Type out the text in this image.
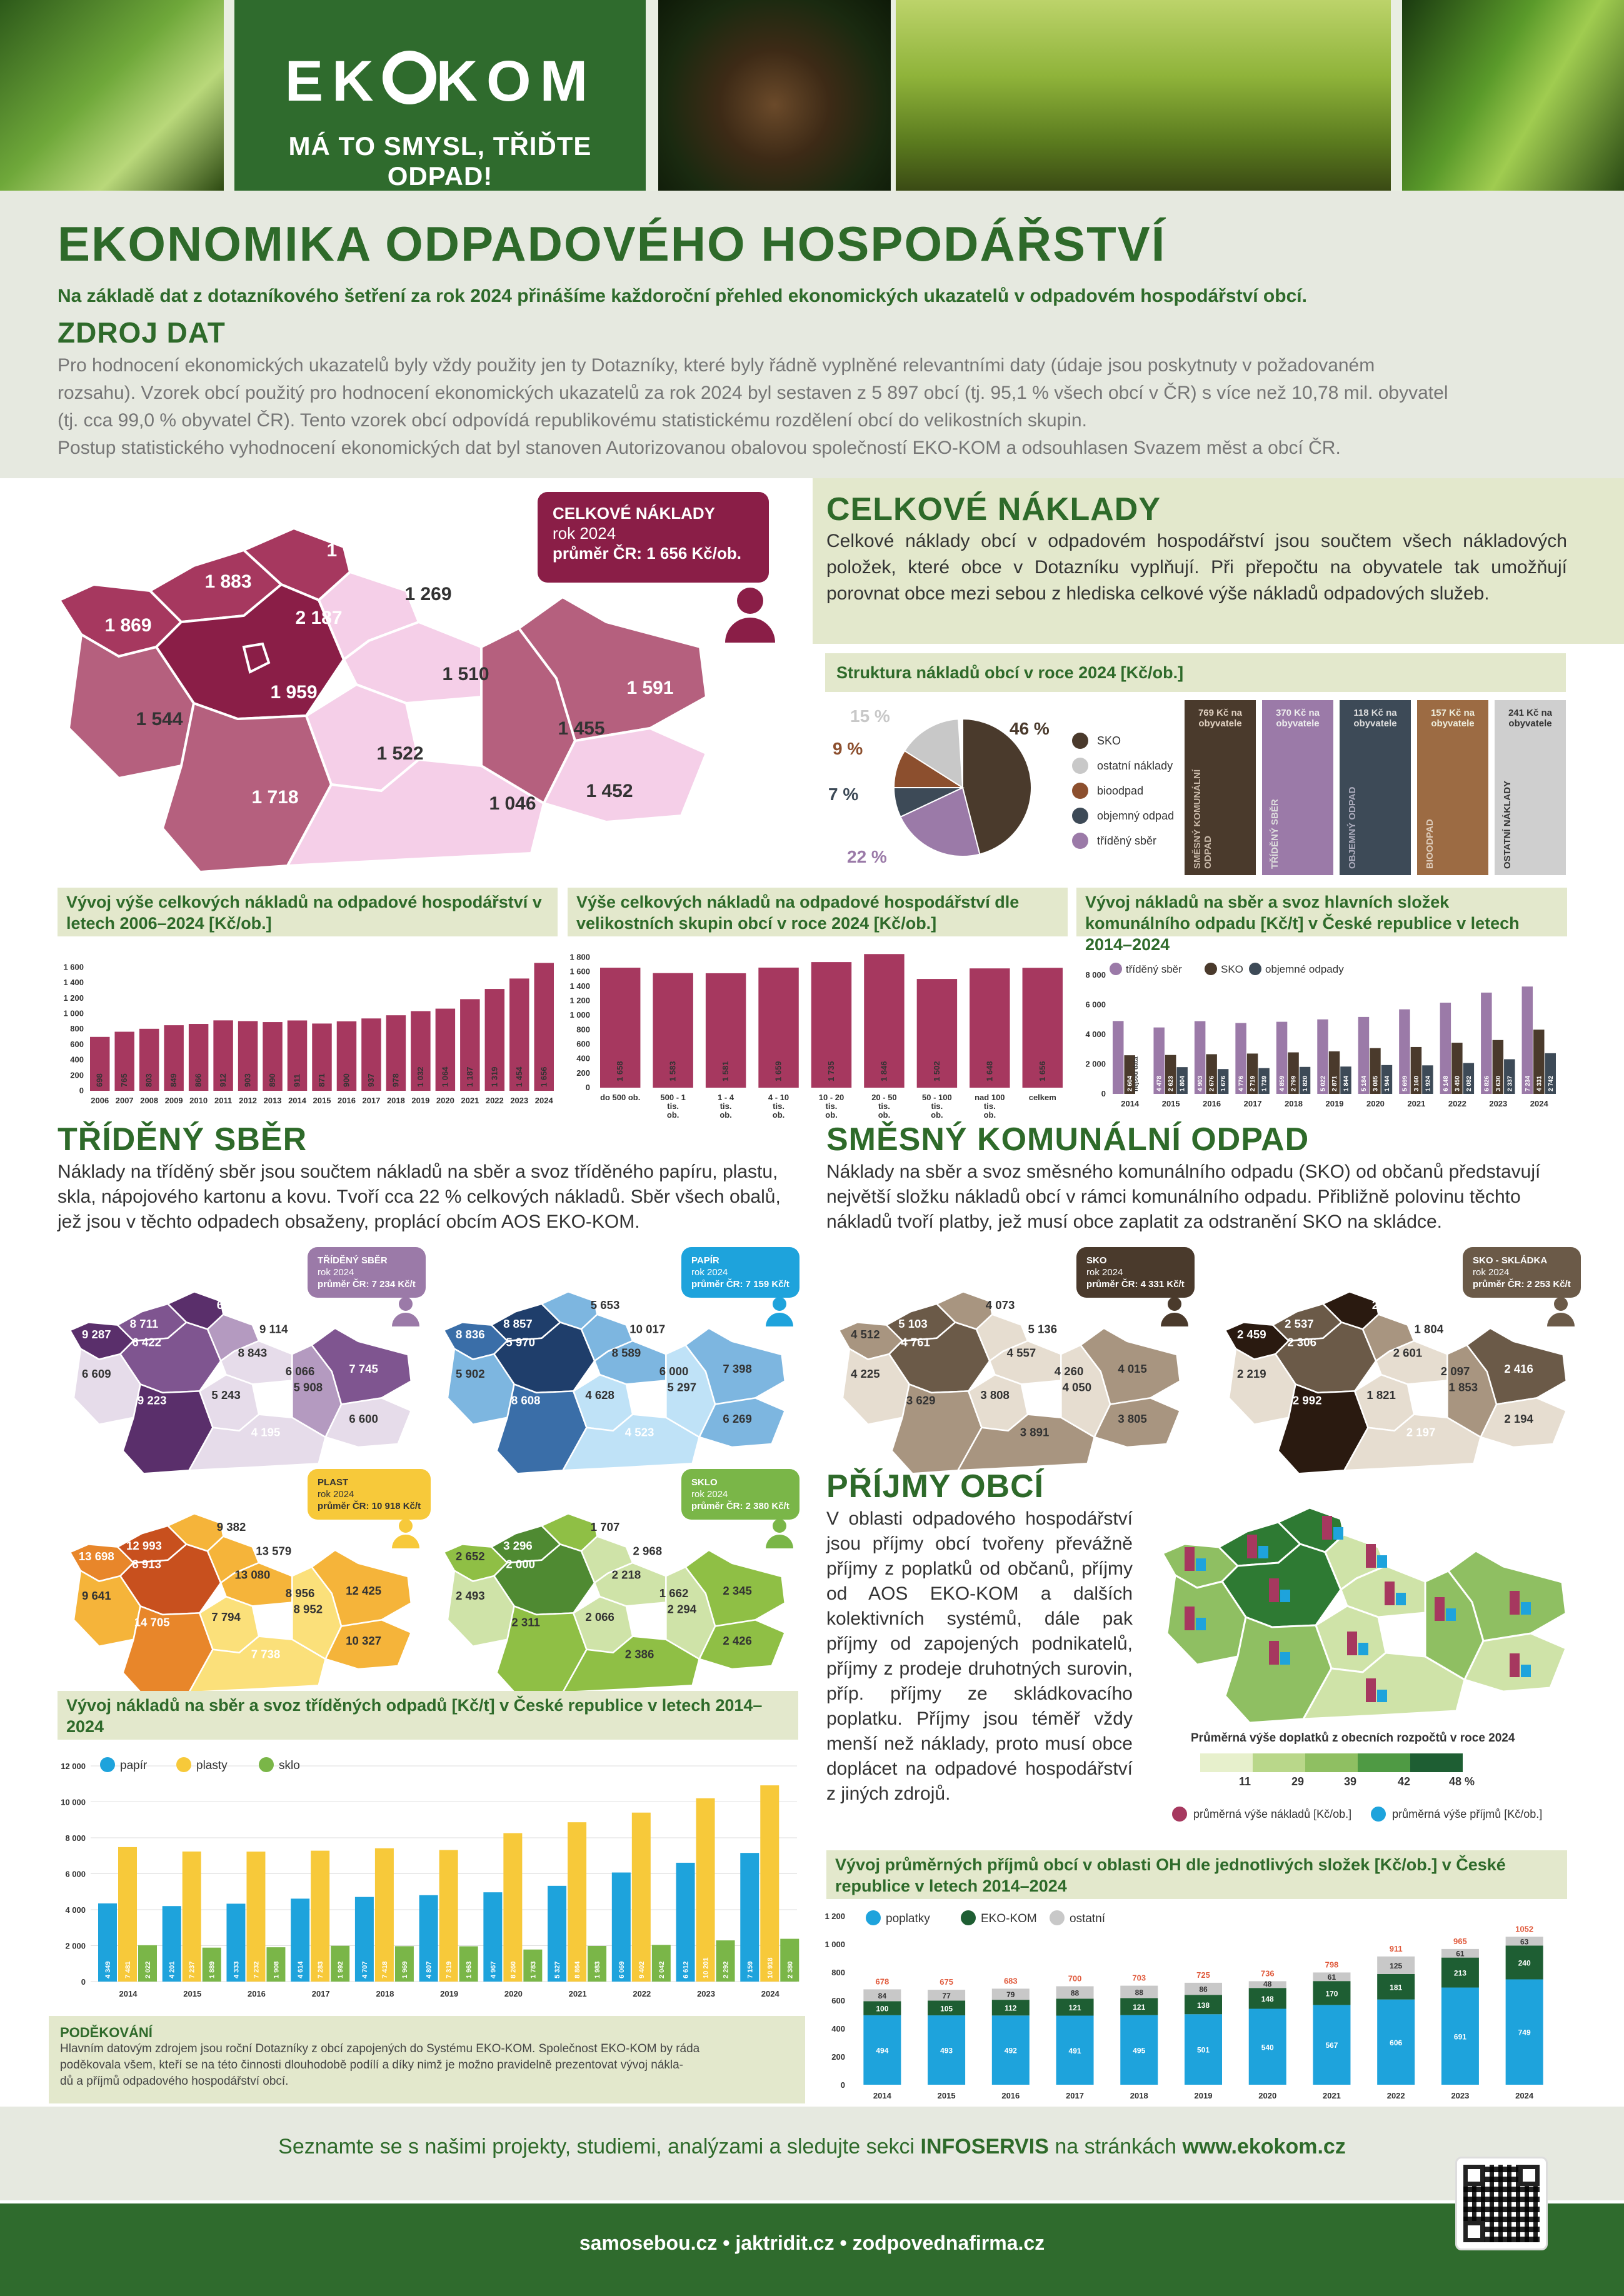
EK KOM
MÁ TO SMYSL, TŘIĎTE ODPAD!
EKONOMIKA ODPADOVÉHO HOSPODÁŘSTVÍ
Na základě dat z dotazníkového šetření za rok 2024 přinášíme každoroční přehled ekonomických ukazatelů v odpadovém hospodářství obcí.
ZDROJ DAT
Pro hodnocení ekonomických ukazatelů byly vždy použity jen ty Dotazníky, které byly řádně vyplněné relevantními daty (údaje jsou poskytnuty v požadovaném
rozsahu). Vzorek obcí použitý pro hodnocení ekonomických ukazatelů za rok 2024 byl sestaven z 5 897 obcí (tj. 95,1 % všech obcí v ČR) s více než 10,78 mil. obyvatel
(tj. cca 99,0 % obyvatel ČR). Tento vzorek obcí odpovídá republikovému statistickému rozdělení obcí do velikostních skupin.
Postup statistického vyhodnocení ekonomických dat byl stanoven Autorizovanou obalovou společností EKO-KOM a odsouhlasen Svazem měst a obcí ČR.
1 869
1 883
1 786
2 187
1 269
1 959
1 510
1 591
1 544	1 455
1 522
1 452
1 718	1 046
CELKOVÉ NÁKLADY
rok 2024
průměr ČR: 1 656 Kč/ob.
CELKOVÉ NÁKLADY
Celkové náklady obcí v odpadovém hospodářství jsou součtem všech nákladových položek, které obce v Dotazníku vyplňují. Při přepočtu na obyvatele tak umožňují porovnat obce mezi sebou z hlediska celkové výše nákladů odpadových služeb.
Struktura nákladů obcí v roce 2024 [Kč/ob.]
46 %
15 %
9 %
7 %
22 %
SKO
ostatní náklady
bioodpad
objemný odpad
tříděný sběr
769 Kč na obyvatele
SMĚSNÝ KOMUNÁLNÍ ODPAD
370 Kč na obyvatele
TŘÍDĚNÝ SBĚR
118 Kč na obyvatele
OBJEMNÝ ODPAD
157 Kč na obyvatele
BIOODPAD
241 Kč na obyvatele
OSTATNÍ NÁKLADY
Vývoj výše celkových nákladů na odpadové hospodářství v letech 2006–2024 [Kč/ob.]
Výše celkových nákladů na odpadové hospodářství dle velikostních skupin obcí v roce 2024 [Kč/ob.]
Vývoj nákladů na sběr a svoz hlavních složek komunálního odpadu [Kč/t] v České republice v letech 2014–2024
0
200
400
600
800
1 000
1 200
1 400
1 600
698
2006
765
2007
803
2008
849
2009
866
2010
912
2011
903
2012
890
2013
911
2014
871
2015
900
2016
937
2017
978
2018
1 032
2019
1 064
2020
1 187
2021
1 319
2022
1 454
2023
1 656
2024
0
200
400
600
800
1 000
1 200
1 400
1 600
1 800
1 658
do 500 ob.
1 583
500 - 1
tis.
ob.
1 581
1 - 4
tis.
ob.
1 659
4 - 10
tis.
ob.
1 735
10 - 20
tis.
ob.
1 846
20 - 50
tis.
ob.
1 502
50 - 100
tis.
ob.
1 648
nad 100
tis.
ob.
1 656
celkem	0
2 000
4 000
6 000
8 000 tříděný sběr	SKO objemné odpady
2 604
2014
4 478 2 623 1 804
2015
4 903 2 676 1 676
2016
4 776 2 719 1 739
2017
4 859 2 799 1 820
2018
5 022 2 871 1 844
2019
5 184 3 085 1 944
2020
5 699 3 160 1 924
2021
6 148 3 450 2 082
2022
6 826 3 630 2 337
2023
7 234 4 331 2 742
2024
nejsou data
TŘÍDĚNÝ SBĚR
Náklady na tříděný sběr jsou součtem nákladů na sběr a svoz tříděného papíru, plastu, skla, nápojového kartonu a kovu. Tvoří cca 22 % celkových nákladů. Sběr všech obalů, jež jsou v těchto odpadech obsaženy, proplácí obcím AOS EKO-KOM.
SMĚSNÝ KOMUNÁLNÍ ODPAD
Náklady na sběr a svoz směsného komunálního odpadu (SKO) od občanů představují největší složku nákladů obcí v rámci komunálního odpadu. Přibližně polovinu těchto nákladů tvoří platby, jež musí obce zaplatit za odstranění SKO na skládce.
9 287
8 711
6 094
6 422
9 114
8 843
6 609
9 223
5 908
5 243
6 066 7 745
6 600
4 195
TŘÍDĚNÝ SBĚR
rok 2024
průměr ČR: 7 234 Kč/t
8 836
8 857
5 653
5 970
10 017
8 589
5 902
8 608
5 297
4 628
6 000 7 398
6 269
4 523
PAPÍR
rok 2024
průměr ČR: 7 159 Kč/t
4 512
5 103
4 073
4 761
5 136
4 557
4 225
3 629
4 050
3 808
4 260 4 015
3 805
3 891
SKO
rok 2024
průměr ČR: 4 331 Kč/t
2 459
2 537
2 471
2 306
1 804
2 601
2 219
2 992
1 853
1 821
2 097 2 416
2 194
2 197
SKO - SKLÁDKA
rok 2024
průměr ČR: 2 253 Kč/t
13 698
12 993
9 382
8 913
13 579
13 080
9 641
14 705
8 952
7 794
8 956 12 425
10 327
7 738
PLAST
rok 2024
průměr ČR: 10 918 Kč/t
2 652
3 296
1 707
2 000
2 968
2 218
2 493
2 311
2 294
2 066
1 662 2 345
2 426
2 386
SKLO
rok 2024
průměr ČR: 2 380 Kč/t
Vývoj nákladů na sběr a svoz tříděných odpadů [Kč/t] v České republice v letech 2014–2024
0
2 000
4 000
6 000
8 000
10 000
12 000	papír	plasty	sklo
4 349 7 481 2 022
2014
4 201 7 237 1 889
2015
4 333 7 232 1 908
2016
4 614 7 283 1 992
2017
4 707 7 418 1 969
2018
4 807 7 319 1 963
2019
4 967 8 260 1 783
2020
5 327 8 864 1 983
2021
6 069 9 402 2 042
2022
6 612 10 201 2 292
2023
7 159 10 918 2 380
2024
PODĚKOVÁNÍ
Hlavním datovým zdrojem jsou roční Dotazníky z obcí zapojených do Systému EKO-KOM. Společnost EKO-KOM by ráda
poděkovala všem, kteří se na této činnosti dlouhodobě podílí a díky nimž je možno pravidelně prezentovat vývoj nákla-
dů a příjmů odpadového hospodářství obcí.
PŘÍJMY OBCÍ
V oblasti odpadového hospodářství jsou příjmy obcí tvořeny převážně příjmy z poplatků od občanů, příjmy od AOS EKO-KOM a dalších kolektivních systémů, dále pak příjmy od zapojených podnikatelů, příjmy z prodeje druhotných surovin, příp. příjmy ze skládkovacího poplatku. Příjmy jsou téměř vždy menší než náklady, proto musí obce doplácet na odpadové hospodářství z jiných zdrojů.
Průměrná výše doplatků z obecních rozpočtů v roce 2024
11	29	39	42	48 %
průměrná výše nákladů [Kč/ob.]	průměrná výše příjmů [Kč/ob.]
Vývoj průměrných příjmů obcí v oblasti OH dle jednotlivých složek [Kč/ob.] v České republice v letech 2014–2024
0
200
400
600
800
1 000
1 200	poplatky	EKO-KOM	ostatní
494
100
84
678
2014
493
105
77
675
2015
492
112
79
683
2016
491
121
88
700
2017
495
121
88
703
2018
501
138
86
725
2019
540
148
48
736
2020
567
170
61
798
2021
606
181
125
911
2022
691
213
61
965
2023
749
240
63
1052
2024
Seznamte se s našimi projekty, studiemi, analýzami a sledujte sekci INFOSERVIS na stránkách www.ekokom.cz
samosebou.cz • jaktridit.cz • zodpovednafirma.cz
